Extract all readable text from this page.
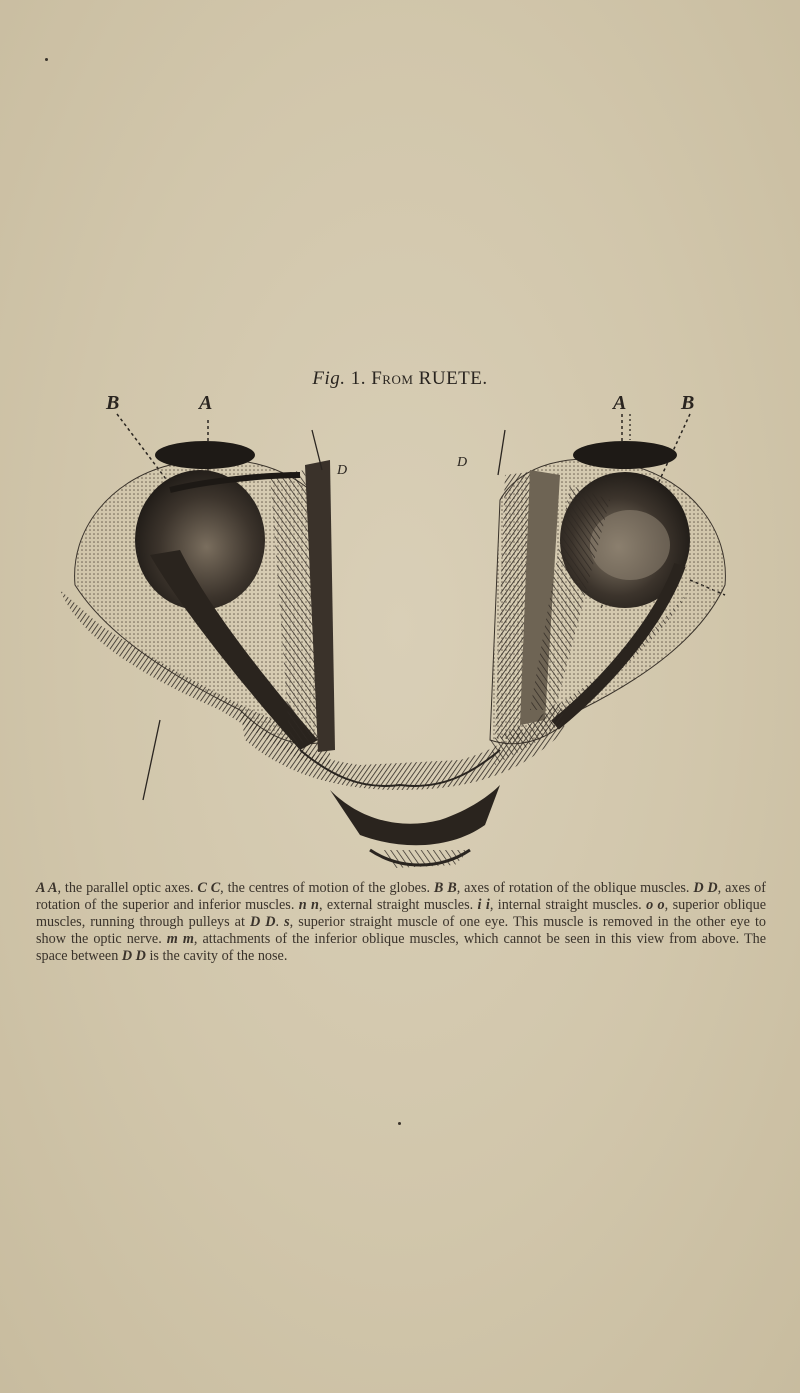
Fig. 1. From RUETE.
B	A	A	B
D
D
A A, the parallel optic axes. C C, the centres of motion of the globes. B B, axes of rotation of the oblique muscles. D D, axes of rotation of the superior and inferior muscles. n n, external straight muscles. i i, internal straight muscles. o o, superior oblique muscles, running through pulleys at D D. s, superior straight muscle of one eye. This muscle is removed in the other eye to show the optic nerve. m m, attachments of the inferior oblique muscles, which cannot be seen in this view from above. The space between D D is the cavity of the nose.
